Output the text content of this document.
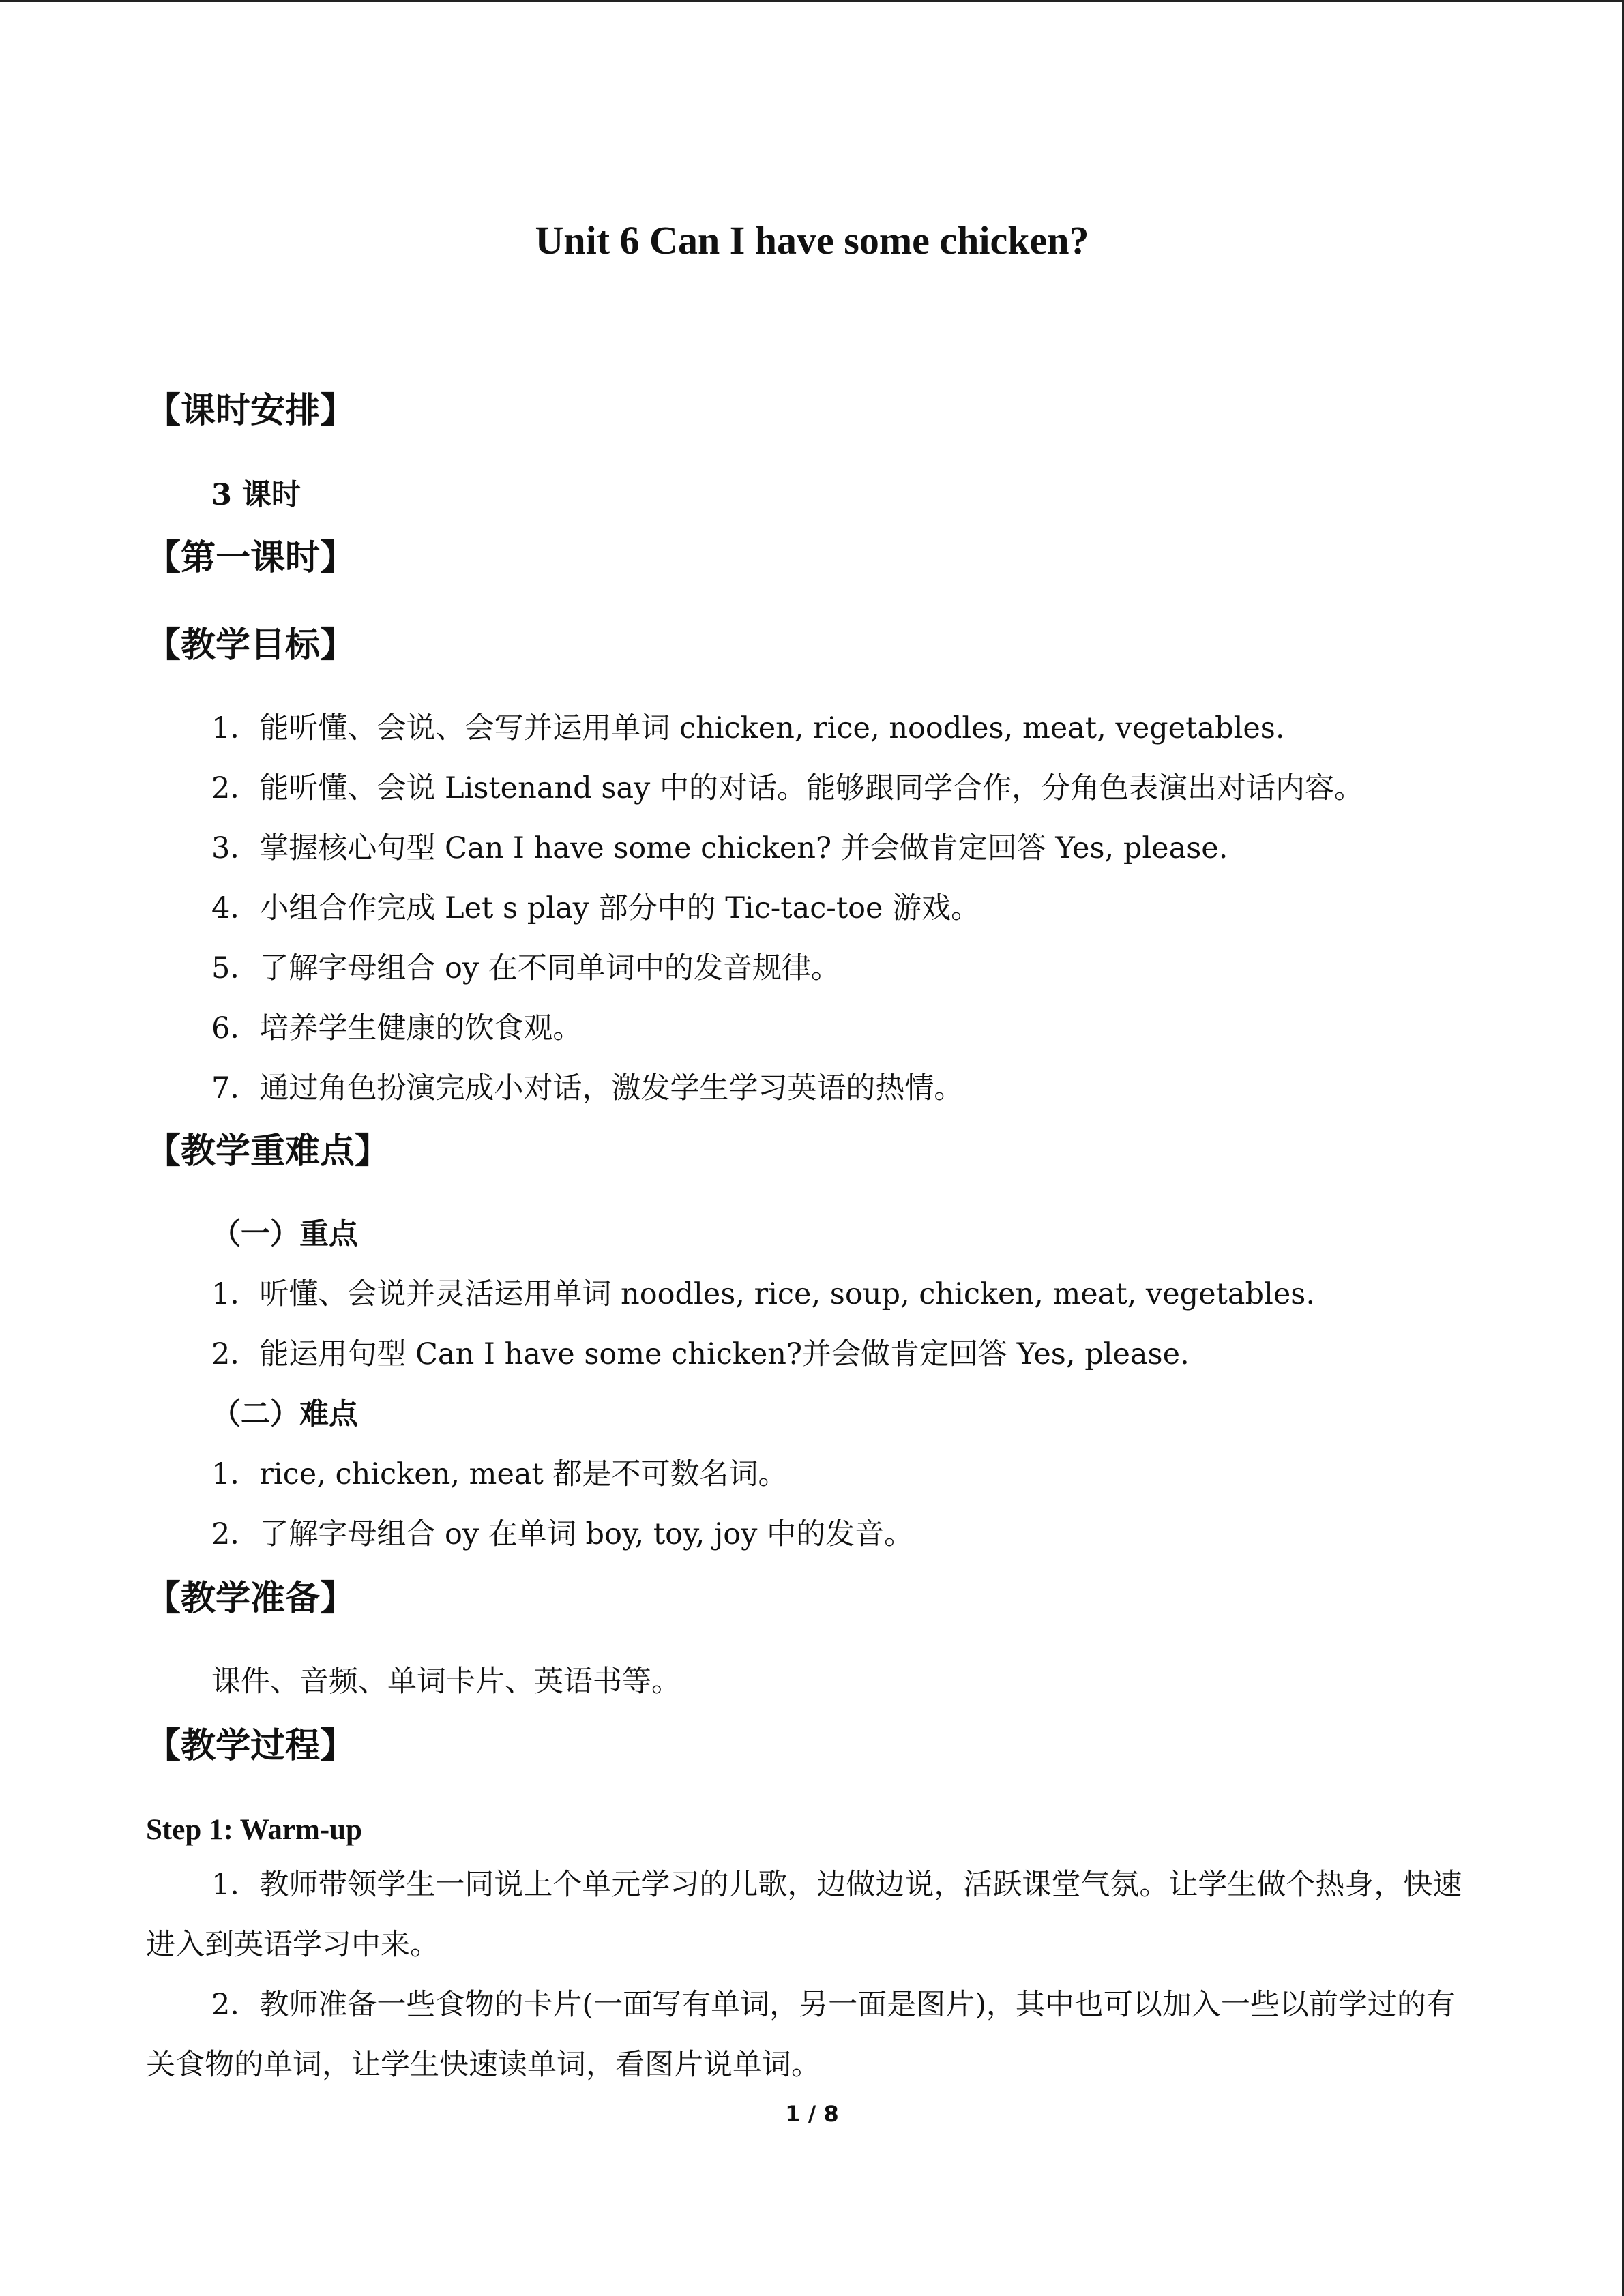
Unit 6 Can I have some chicken?
【课时安排】
3 课时
【第一课时】
【教学目标】
1．能听懂、会说、会写并运用单词 chicken, rice, noodles, meat, vegetables.
2．能听懂、会说 Listenand say 中的对话。能够跟同学合作，分角色表演出对话内容。
3．掌握核心句型 Can I have some chicken? 并会做肯定回答 Yes, please.
4．小组合作完成 Let s play 部分中的 Tic-tac-toe 游戏。
5．了解字母组合 oy 在不同单词中的发音规律。
6．培养学生健康的饮食观。
7．通过角色扮演完成小对话，激发学生学习英语的热情。
【教学重难点】
（一）重点
1．听懂、会说并灵活运用单词 noodles, rice, soup, chicken, meat, vegetables.
2．能运用句型 Can I have some chicken?并会做肯定回答 Yes, please.
（二）难点
1．rice, chicken, meat 都是不可数名词。
2．了解字母组合 oy 在单词 boy, toy, joy 中的发音。
【教学准备】
课件、音频、单词卡片、英语书等。
【教学过程】
Step 1: Warm-up
1．教师带领学生一同说上个单元学习的儿歌，边做边说，活跃课堂气氛。让学生做个热身，快速进入到英语学习中来。
2．教师准备一些食物的卡片(一面写有单词，另一面是图片)，其中也可以加入一些以前学过的有关食物的单词，让学生快速读单词，看图片说单词。
1 / 8
